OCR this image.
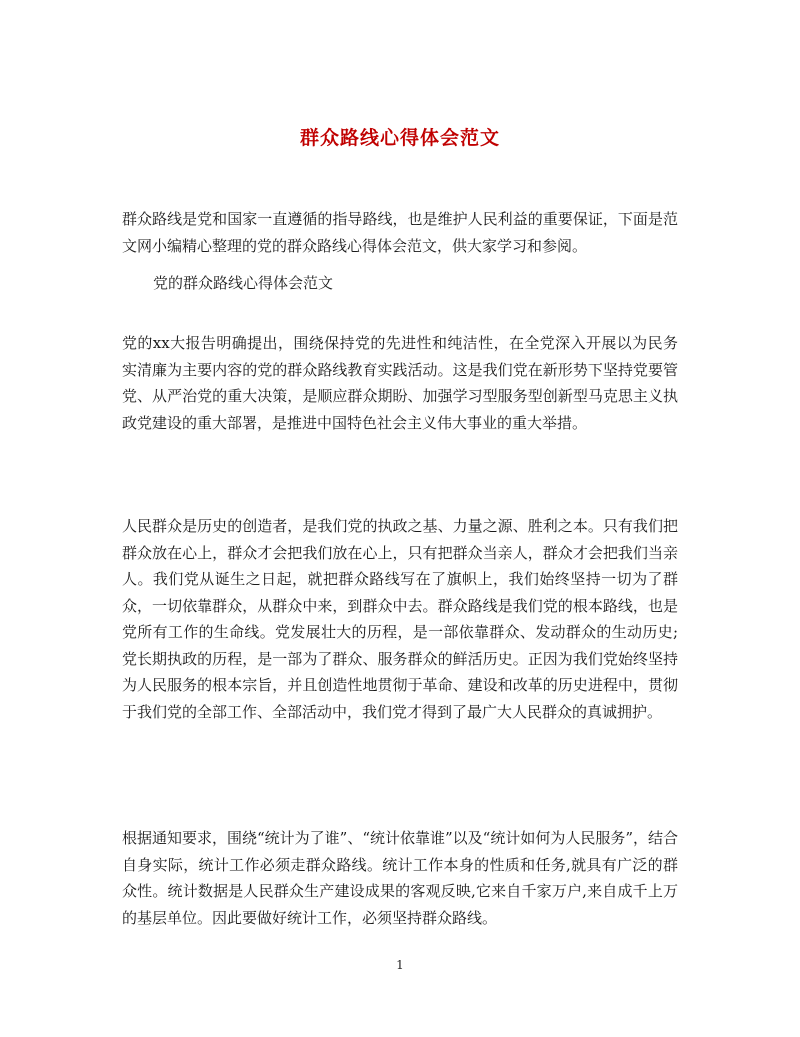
群众路线心得体会范文

群众路线是党和国家一直遵循的指导路线，也是维护人民利益的重要保证，下面是范文网小编精心整理的党的群众路线心得体会范文，供大家学习和参阅。

党的群众路线心得体会范文

党的xx大报告明确提出，围绕保持党的先进性和纯洁性，在全党深入开展以为民务实清廉为主要内容的党的群众路线教育实践活动。这是我们党在新形势下坚持党要管党、从严治党的重大决策，是顺应群众期盼、加强学习型服务型创新型马克思主义执政党建设的重大部署，是推进中国特色社会主义伟大事业的重大举措。

人民群众是历史的创造者，是我们党的执政之基、力量之源、胜利之本。只有我们把群众放在心上，群众才会把我们放在心上，只有把群众当亲人，群众才会把我们当亲人。我们党从诞生之日起，就把群众路线写在了旗帜上，我们始终坚持一切为了群众，一切依靠群众，从群众中来，到群众中去。群众路线是我们党的根本路线，也是党所有工作的生命线。党发展壮大的历程，是一部依靠群众、发动群众的生动历史;党长期执政的历程，是一部为了群众、服务群众的鲜活历史。正因为我们党始终坚持为人民服务的根本宗旨，并且创造性地贯彻于革命、建设和改革的历史进程中，贯彻于我们党的全部工作、全部活动中，我们党才得到了最广大人民群众的真诚拥护。

根据通知要求，围绕“统计为了谁”、“统计依靠谁”以及“统计如何为人民服务”，结合自身实际，统计工作必须走群众路线。统计工作本身的性质和任务,就具有广泛的群众性。统计数据是人民群众生产建设成果的客观反映,它来自千家万户,来自成千上万的基层单位。因此要做好统计工作，必须坚持群众路线。

1
